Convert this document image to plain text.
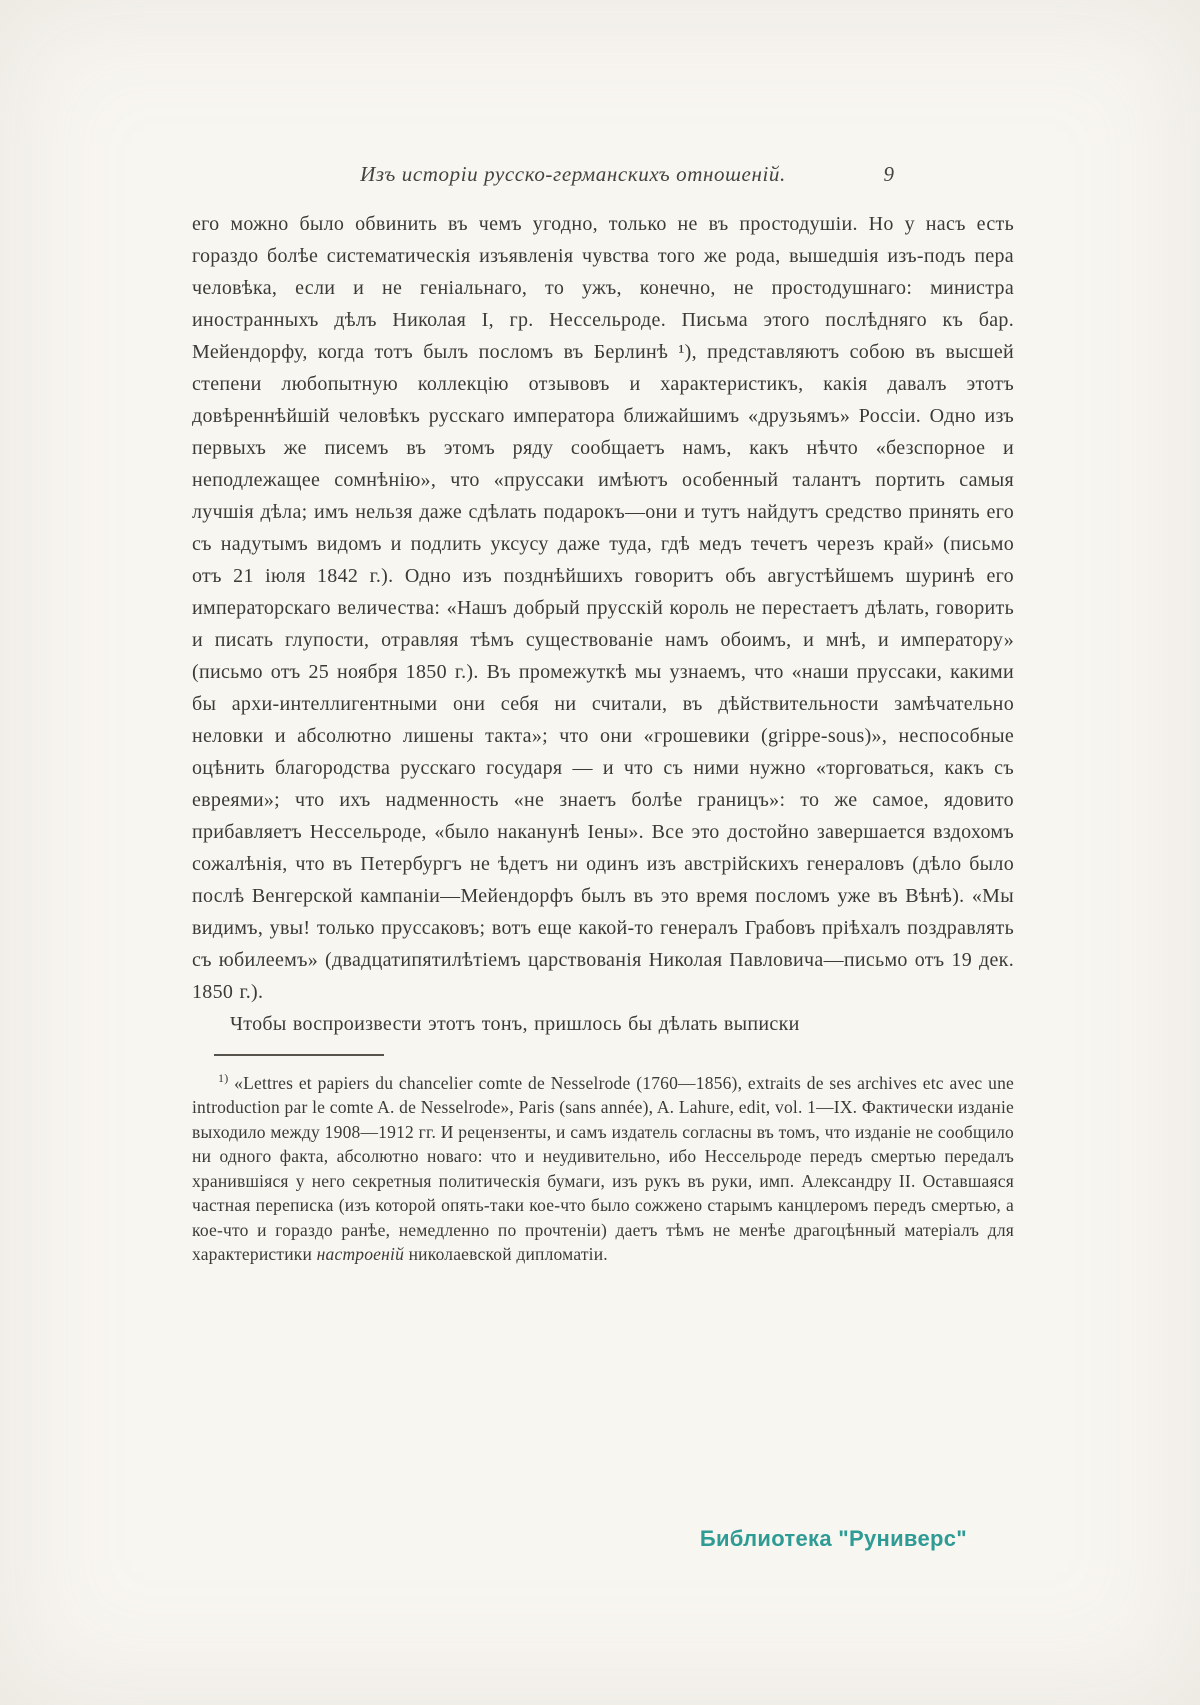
Изъ исторіи русско-германскихъ отношеній.	9

его можно было обвинить въ чемъ угодно, только не въ простодушіи. Но у насъ есть гораздо болѣе систематическія изъявленія чувства того же рода, вышедшія изъ-подъ пера человѣка, если и не геніальнаго, то ужъ, конечно, не простодушнаго: министра иностранныхъ дѣлъ Николая I, гр. Нессельроде. Письма этого послѣдняго къ бар. Мейендорфу, когда тотъ былъ посломъ въ Берлинѣ ¹), представляютъ собою въ высшей степени любопытную коллекцію отзывовъ и характеристикъ, какія давалъ этотъ довѣреннѣйшій человѣкъ русскаго императора ближайшимъ «друзьямъ» Россіи. Одно изъ первыхъ же писемъ въ этомъ ряду сообщаетъ намъ, какъ нѣчто «безспорное и неподлежащее сомнѣнію», что «пруссаки имѣютъ особенный талантъ портить самыя лучшія дѣла; имъ нельзя даже сдѣлать подарокъ—они и тутъ найдутъ средство принять его съ надутымъ видомъ и подлить уксусу даже туда, гдѣ медъ течетъ черезъ край» (письмо отъ 21 іюля 1842 г.). Одно изъ позднѣйшихъ говоритъ объ августѣйшемъ шуринѣ его императорскаго величества: «Нашъ добрый прусскій король не перестаетъ дѣлать, говорить и писать глупости, отравляя тѣмъ существованіе намъ обоимъ, и мнѣ, и императору» (письмо отъ 25 ноября 1850 г.). Въ промежуткѣ мы узнаемъ, что «наши пруссаки, какими бы архи-интеллигентными они себя ни считали, въ дѣйствительности замѣчательно неловки и абсолютно лишены такта»; что они «грошевики (grippe-sous)», неспособные оцѣнить благородства русскаго государя — и что съ ними нужно «торговаться, какъ съ евреями»; что ихъ надменность «не знаетъ болѣе границъ»: то же самое, ядовито прибавляетъ Нессельроде, «было наканунѣ Іены». Все это достойно завершается вздохомъ сожалѣнія, что въ Петербургъ не ѣдетъ ни одинъ изъ австрійскихъ генераловъ (дѣло было послѣ Венгерской кампаніи—Мейендорфъ былъ въ это время посломъ уже въ Вѣнѣ). «Мы видимъ, увы! только пруссаковъ; вотъ еще какой-то генералъ Грабовъ пріѣхалъ поздравлять съ юбилеемъ» (двадцатипятилѣтіемъ царствованія Николая Павловича—письмо отъ 19 дек. 1850 г.).

Чтобы воспроизвести этотъ тонъ, пришлось бы дѣлать выписки

$^{1)}$ «Lettres et papiers du chancelier comte de Nesselrode (1760—1856), extraits de ses archives etc avec une introduction par le comte A. de Nesselrode», Paris (sans année), A. Lahure, edit, vol. 1—IX. Фактически изданіе выходило между 1908—1912 гг. И рецензенты, и самъ издатель согласны въ томъ, что изданіе не сообщило ни одного факта, абсолютно новаго: что и неудивительно, ибо Нессельроде передъ смертью передалъ хранившіяся у него секретныя политическія бумаги, изъ рукъ въ руки, имп. Александру II. Оставшаяся частная переписка (изъ которой опять-таки кое-что было сожжено старымъ канцлеромъ передъ смертью, а кое-что и гораздо ранѣе, немедленно по прочтеніи) даетъ тѣмъ не менѣе драгоцѣнный матеріалъ для характеристики настроеній николаевской дипломатіи.

Библиотека "Руниверс"
